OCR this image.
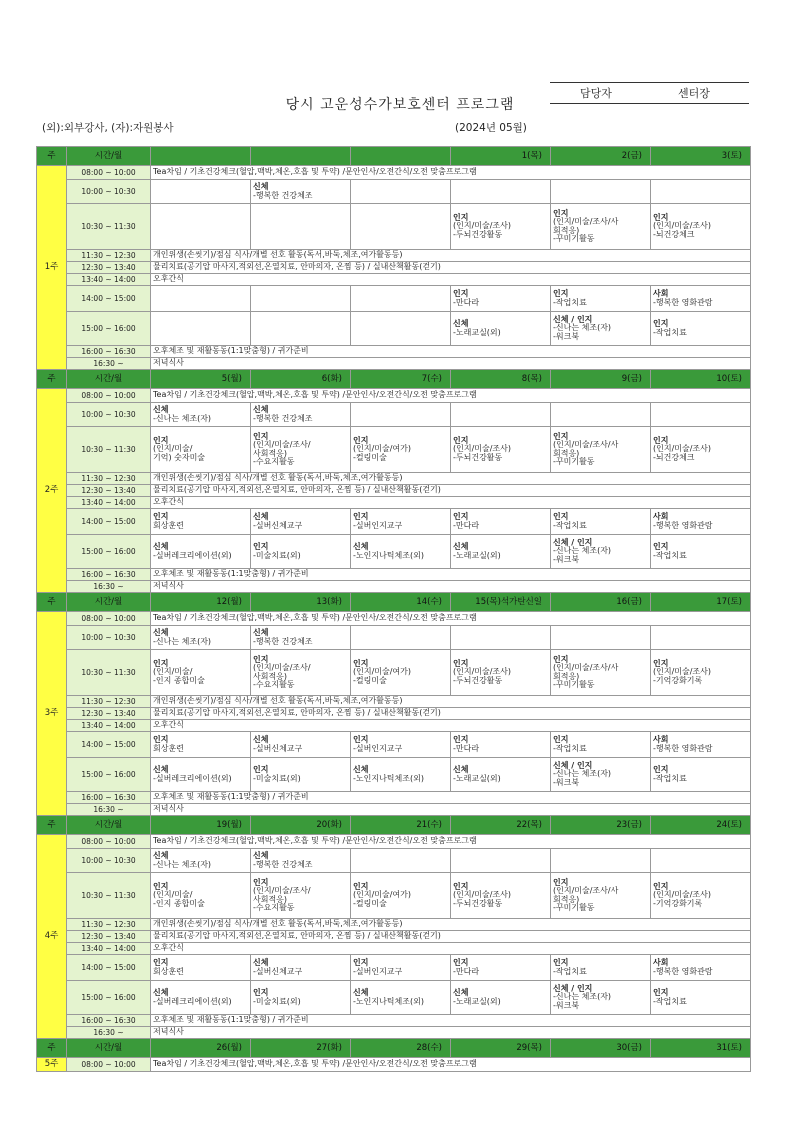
담당자	센터장
당시 고운성수가보호센터 프로그램
(외):외부강사, (자):자원봉사	(2024년 05월)
주	시간/월				1(목)	2(금)	3(토)
1주	08:00 ~ 10:00	Tea차임 / 기초건강체크(혈압,맥박,체온,호흡 및 투약) /문안인사/오전간식/오전 맞춤프로그램					
	10:00 ~ 10:30		신체
-행복한 건강체조				

	10:30 ~ 11:30				인지
(인지/미술/조사)
-두뇌건강활동	인지
(인지/미술/조사/사
회적응)
-꾸미기활동	인지
(인지/미술/조사)
-뇌건강체크

	11:30 ~ 12:30	개인위생(손씻기)/점심 식사/개별 선호 활동(독서,바둑,체조,여가활동등)					
	12:30 ~ 13:40	물리치료(공기압 마사지,적외선,온열치료, 안마의자, 온찜 등) / 실내산책활동(걷기)					
	13:40 ~ 14:00	오후간식					
	14:00 ~ 15:00				인지
-만다라	인지
-작업치료	사회
-행복한 영화관람

	15:00 ~ 16:00				신체
-노래교실(외)	신체 / 인지
-신나는 체조(자)
-워크북	인지
-작업치료

	16:00 ~ 16:30	오후체조 및 재활동동(1:1맞춤형) / 귀가준비					
	16:30 ~	저녁식사					
주	시간/월	5(월)	6(화)	7(수)	8(목)	9(금)	10(토)
2주	08:00 ~ 10:00	Tea차임 / 기초건강체크(혈압,맥박,체온,호흡 및 투약) /문안인사/오전간식/오전 맞춤프로그램					
	10:00 ~ 10:30	신체
-신나는 체조(자)	신체
-행복한 건강체조				

	10:30 ~ 11:30	인지
(인지/미술/
기억) 숫자미술	인지
(인지/미술/조사/
사회적응)
-수요지활동	인지
(인지/미술/여가)
-컬링미술	인지
(인지/미술/조사)
-두뇌건강활동	인지
(인지/미술/조사/사
회적응)
-꾸미기활동	인지
(인지/미술/조사)
-뇌건강체크

	11:30 ~ 12:30	개인위생(손씻기)/점심 식사/개별 선호 활동(독서,바둑,체조,여가활동등)					
	12:30 ~ 13:40	물리치료(공기압 마사지,적외선,온열치료, 안마의자, 온찜 등) / 실내산책활동(걷기)					
	13:40 ~ 14:00	오후간식					
	14:00 ~ 15:00	인지
회상훈련	신체
-실버신체교구	인지
-실버인지교구	인지
-만다라	인지
-작업치료	사회
-행복한 영화관람

	15:00 ~ 16:00	신체
-실버레크리에이션(외)	인지
-미술치료(외)	신체
-노인지나틱체조(외)	신체
-노래교실(외)	신체 / 인지
-신나는 체조(자)
-워크북	인지
-작업치료

	16:00 ~ 16:30	오후체조 및 재활동동(1:1맞춤형) / 귀가준비					
	16:30 ~	저녁식사					
주	시간/월	12(월)	13(화)	14(수)	15(목)석가탄신일	16(금)	17(토)
3주	08:00 ~ 10:00	Tea차임 / 기초건강체크(혈압,맥박,체온,호흡 및 투약) /문안인사/오전간식/오전 맞춤프로그램					
	10:00 ~ 10:30	신체
-신나는 체조(자)	신체
-행복한 건강체조				

	10:30 ~ 11:30	인지
(인지/미술/
-인지 종합미술	인지
(인지/미술/조사/
사회적응)
-수요지활동	인지
(인지/미술/여가)
-컬링미술	인지
(인지/미술/조사)
-두뇌건강활동	인지
(인지/미술/조사/사
회적응)
-꾸미기활동	인지
(인지/미술/조사)
-기억강화기록

	11:30 ~ 12:30	개인위생(손씻기)/점심 식사/개별 선호 활동(독서,바둑,체조,여가활동등)					
	12:30 ~ 13:40	물리치료(공기압 마사지,적외선,온열치료, 안마의자, 온찜 등) / 실내산책활동(걷기)					
	13:40 ~ 14:00	오후간식					
	14:00 ~ 15:00	인지
회상훈련	신체
-실버신체교구	인지
-실버인지교구	인지
-만다라	인지
-작업치료	사회
-행복한 영화관람

	15:00 ~ 16:00	신체
-실버레크리에이션(외)	인지
-미술치료(외)	신체
-노인지나틱체조(외)	신체
-노래교실(외)	신체 / 인지
-신나는 체조(자)
-워크북	인지
-작업치료

	16:00 ~ 16:30	오후체조 및 재활동동(1:1맞춤형) / 귀가준비					
	16:30 ~	저녁식사					
주	시간/월	19(월)	20(화)	21(수)	22(목)	23(금)	24(토)
4주	08:00 ~ 10:00	Tea차임 / 기초건강체크(혈압,맥박,체온,호흡 및 투약) /문안인사/오전간식/오전 맞춤프로그램					
	10:00 ~ 10:30	신체
-신나는 체조(자)	신체
-행복한 건강체조				

	10:30 ~ 11:30	인지
(인지/미술/
-인지 종합미술	인지
(인지/미술/조사/
사회적응)
-수요지활동	인지
(인지/미술/여가)
-컬링미술	인지
(인지/미술/조사)
-두뇌건강활동	인지
(인지/미술/조사/사
회적응)
-꾸미기활동	인지
(인지/미술/조사)
-기억강화기록

	11:30 ~ 12:30	개인위생(손씻기)/점심 식사/개별 선호 활동(독서,바둑,체조,여가활동등)					
	12:30 ~ 13:40	물리치료(공기압 마사지,적외선,온열치료, 안마의자, 온찜 등) / 실내산책활동(걷기)					
	13:40 ~ 14:00	오후간식					
	14:00 ~ 15:00	인지
회상훈련	신체
-실버신체교구	인지
-실버인지교구	인지
-만다라	인지
-작업치료	사회
-행복한 영화관람

	15:00 ~ 16:00	신체
-실버레크리에이션(외)	인지
-미술치료(외)	신체
-노인지나틱체조(외)	신체
-노래교실(외)	신체 / 인지
-신나는 체조(자)
-워크북	인지
-작업치료

	16:00 ~ 16:30	오후체조 및 재활동동(1:1맞춤형) / 귀가준비					
	16:30 ~	저녁식사					
주	시간/월	26(월)	27(화)	28(수)	29(목)	30(금)	31(토)
5주	08:00 ~ 10:00	Tea차임 / 기초건강체크(혈압,맥박,체온,호흡 및 투약) /문안인사/오전간식/오전 맞춤프로그램					
